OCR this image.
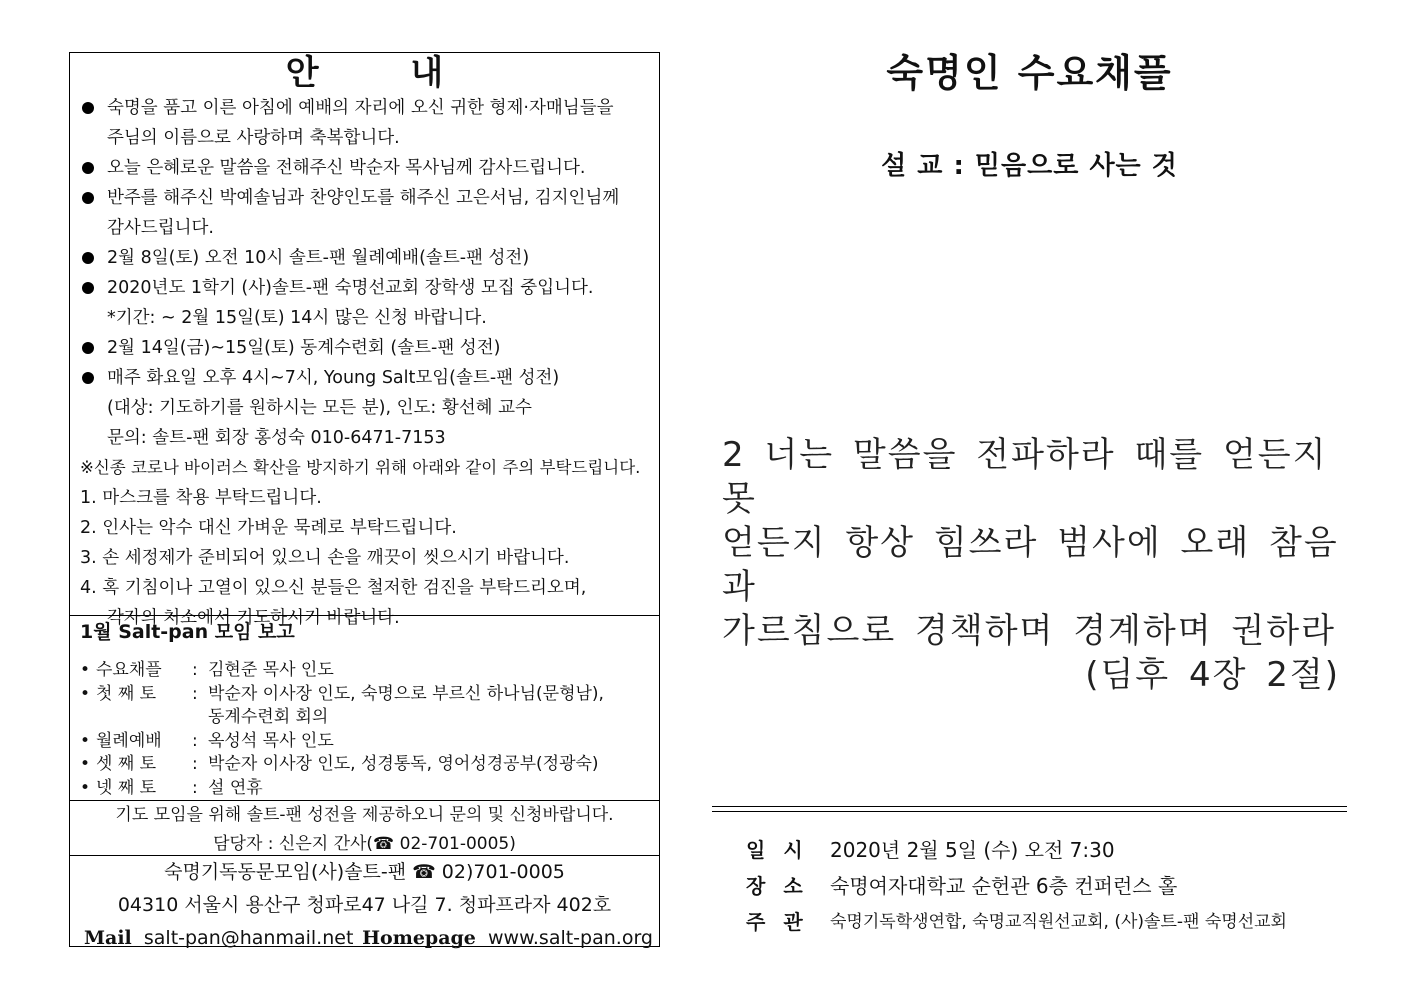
안 내
숙명을 품고 이른 아침에 예배의 자리에 오신 귀한 형제·자매님들을
주님의 이름으로 사랑하며 축복합니다.
오늘 은혜로운 말씀을 전해주신 박순자 목사님께 감사드립니다.
반주를 해주신 박예솔님과 찬양인도를 해주신 고은서님, 김지인님께
감사드립니다.
2월 8일(토) 오전 10시 솔트-팬 월례예배(솔트-팬 성전)
2020년도 1학기 (사)솔트-팬 숙명선교회 장학생 모집 중입니다.
*기간: ~ 2월 15일(토) 14시 많은 신청 바랍니다.
2월 14일(금)~15일(토) 동계수련회 (솔트-팬 성전)
매주 화요일 오후 4시~7시, Young Salt모임(솔트-팬 성전)
(대상: 기도하기를 원하시는 모든 분), 인도: 황선혜 교수
문의: 솔트-팬 회장 홍성숙 010-6471-7153
※신종 코로나 바이러스 확산을 방지하기 위해 아래와 같이 주의 부탁드립니다.
1. 마스크를 착용 부탁드립니다.
2. 인사는 악수 대신 가벼운 묵례로 부탁드립니다.
3. 손 세정제가 준비되어 있으니 손을 깨끗이 씻으시기 바랍니다.
4. 혹 기침이나 고열이 있으신 분들은 철저한 검진을 부탁드리오며,
각자의 처소에서 기도하시기 바랍니다.
1월 Salt-pan 모임 보고
• 수요채플	: 김현준 목사 인도
• 첫 째 토	: 박순자 이사장 인도, 숙명으로 부르신 하나님(문형남),
동계수련회 회의
• 월례예배	: 옥성석 목사 인도
• 셋 째 토	: 박순자 이사장 인도, 성경통독, 영어성경공부(정광숙)
• 넷 째 토	: 설 연휴
기도 모임을 위해 솔트-팬 성전을 제공하오니 문의 및 신청바랍니다.
담당자 : 신은지 간사(☎ 02-701-0005)
숙명기독동문모임(사)솔트-팬 ☎ 02)701-0005
04310 서울시 용산구 청파로47 나길 7. 청파프라자 402호
Mail salt-pan@hanmail.net Homepage www.salt-pan.org
숙명인 수요채플
설 교 : 믿음으로 사는 것
2 너는 말씀을 전파하라 때를 얻든지 못
얻든지 항상 힘쓰라 범사에 오래 참음과
가르침으로 경책하며 경계하며 권하라
(딤후 4장 2절)
일시 2020년 2월 5일 (수) 오전 7:30
장소 숙명여자대학교 순헌관 6층 컨퍼런스 홀
주관 숙명기독학생연합, 숙명교직원선교회, (사)솔트-팬 숙명선교회
